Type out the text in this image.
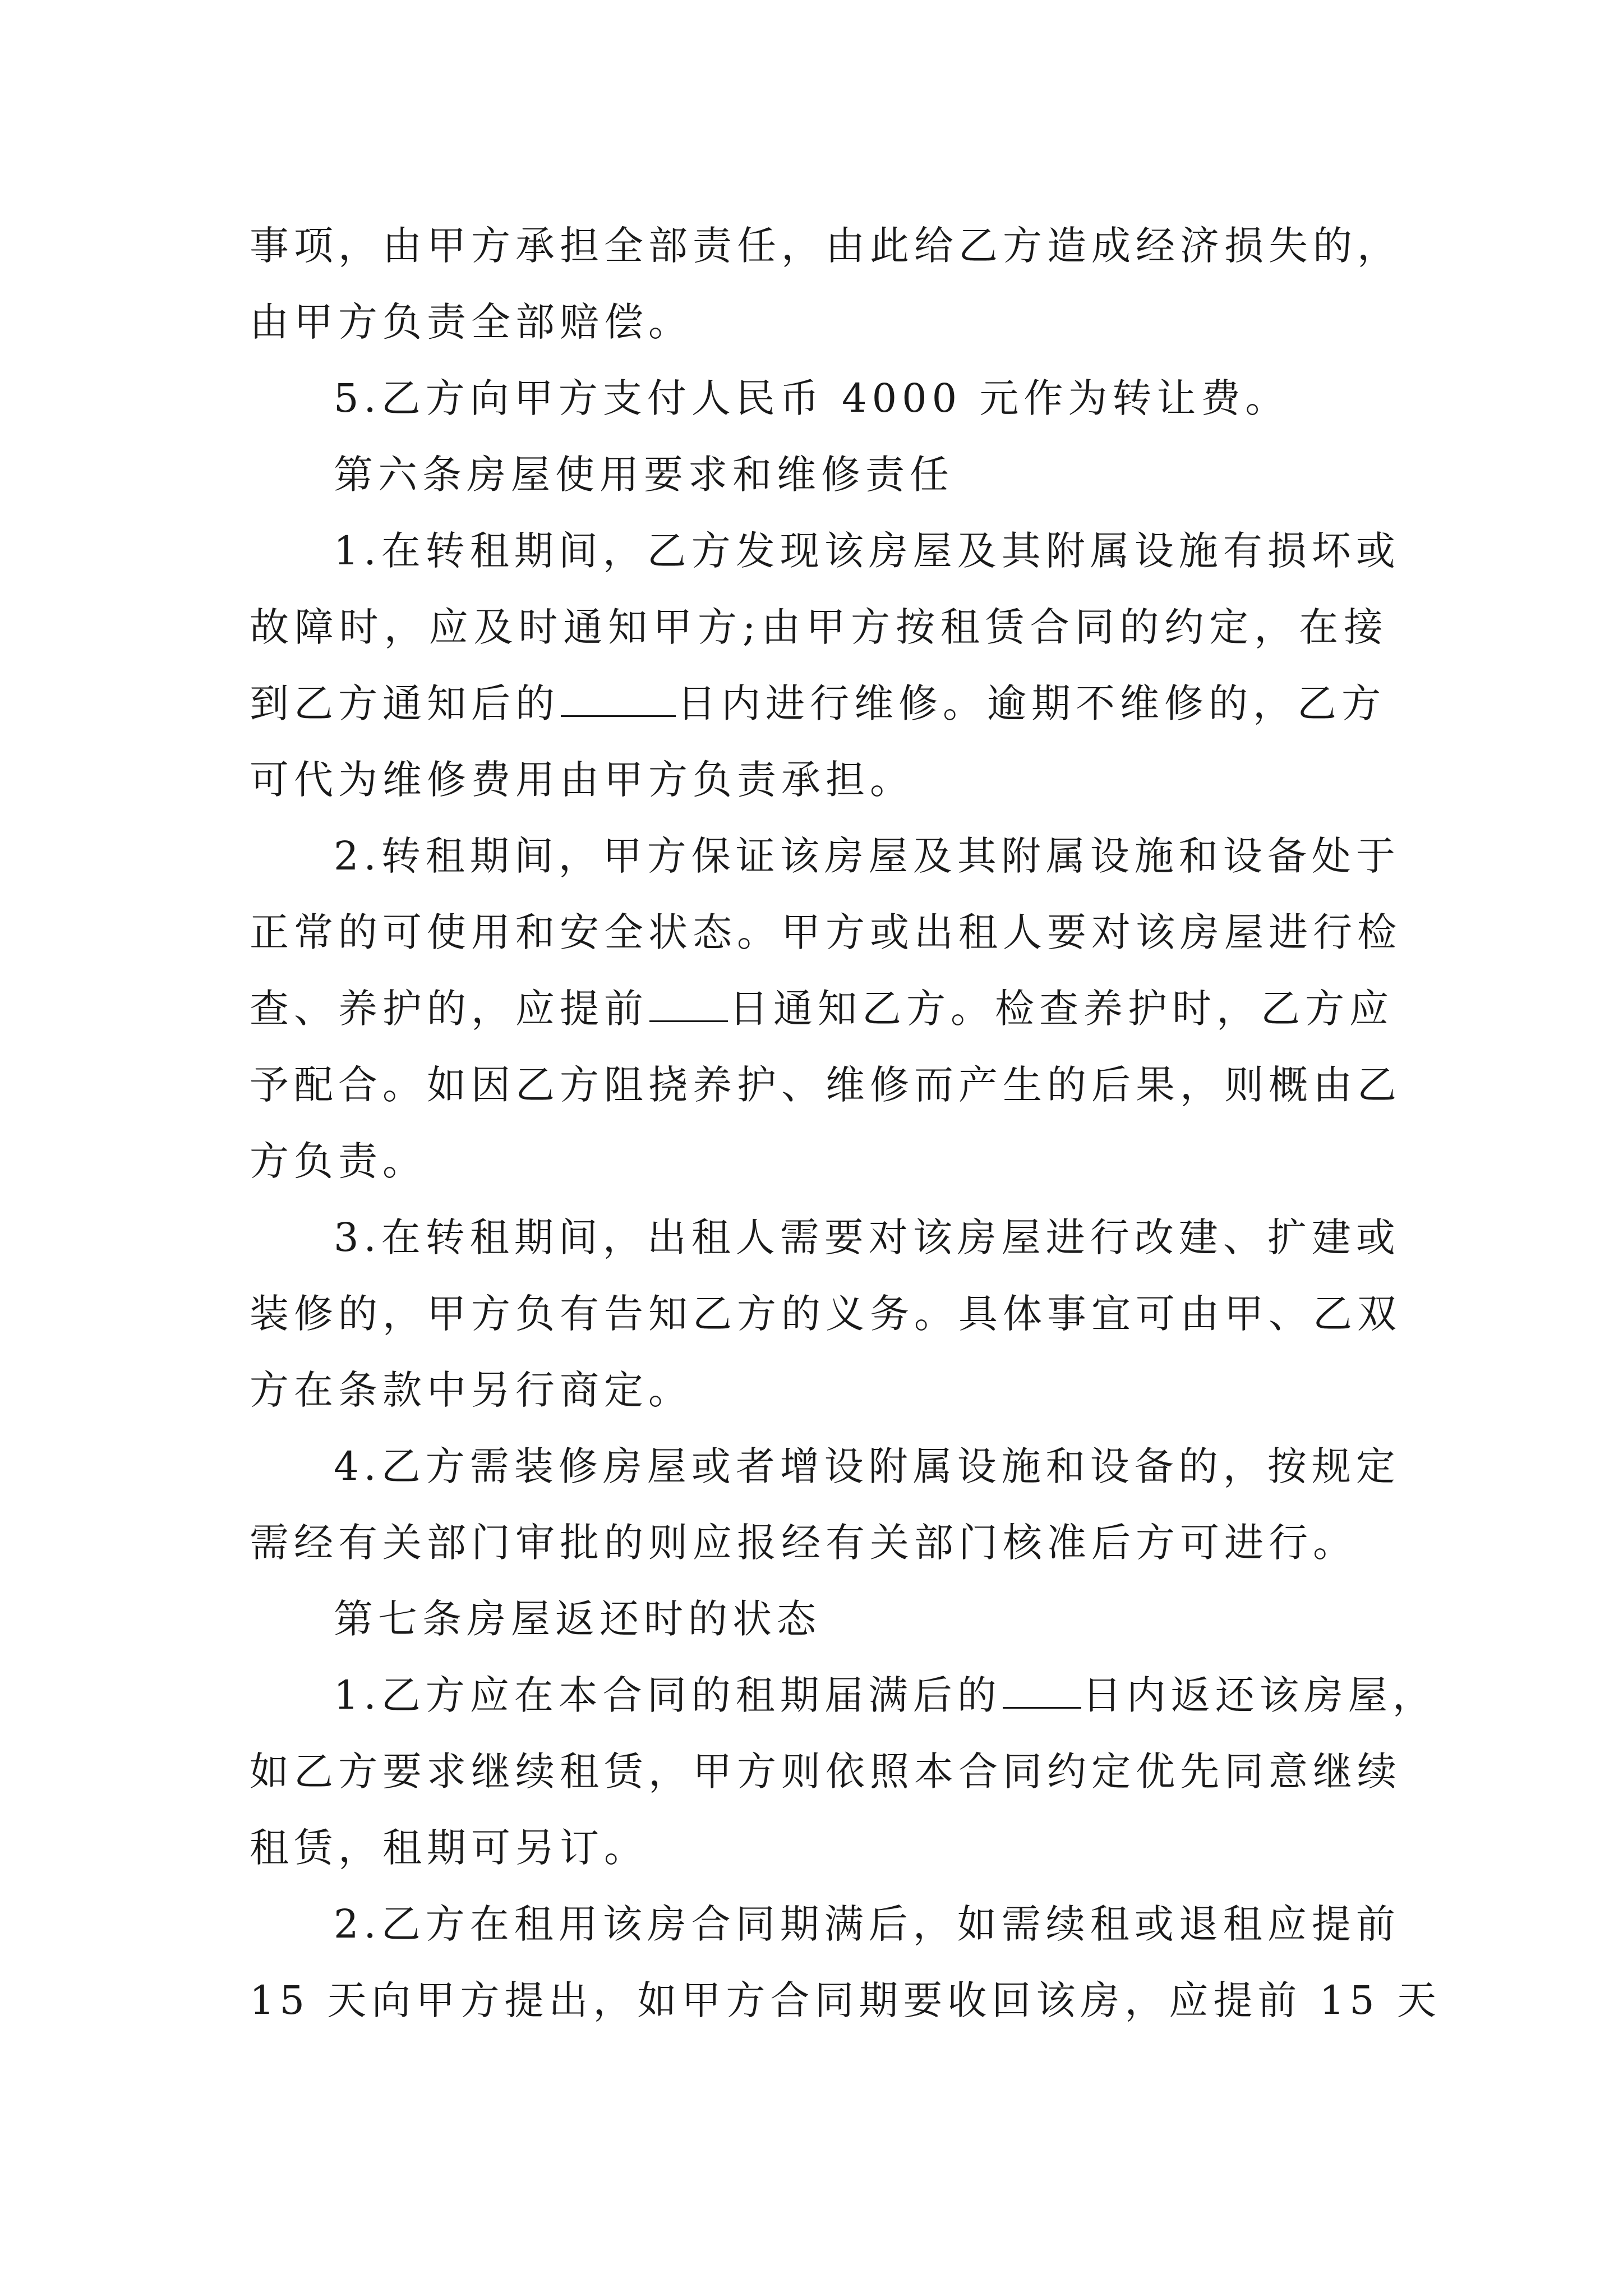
事项，由甲方承担全部责任，由此给乙方造成经济损失的，
由甲方负责全部赔偿。
5.乙方向甲方支付人民币 4000 元作为转让费。
第六条房屋使用要求和维修责任
1.在转租期间，乙方发现该房屋及其附属设施有损坏或
故障时，应及时通知甲方;由甲方按租赁合同的约定，在接
到乙方通知后的	日内进行维修。逾期不维修的，乙方
可代为维修费用由甲方负责承担。
2.转租期间，甲方保证该房屋及其附属设施和设备处于
正常的可使用和安全状态。甲方或出租人要对该房屋进行检
查、养护的，应提前 日通知乙方。检查养护时，乙方应
予配合。如因乙方阻挠养护、维修而产生的后果，则概由乙
方负责。
3.在转租期间，出租人需要对该房屋进行改建、扩建或
装修的，甲方负有告知乙方的义务。具体事宜可由甲、乙双
方在条款中另行商定。
4.乙方需装修房屋或者增设附属设施和设备的，按规定
需经有关部门审批的则应报经有关部门核准后方可进行。
第七条房屋返还时的状态
1.乙方应在本合同的租期届满后的 日内返还该房屋，
如乙方要求继续租赁，甲方则依照本合同约定优先同意继续
租赁，租期可另订。
2.乙方在租用该房合同期满后，如需续租或退租应提前
15 天向甲方提出，如甲方合同期要收回该房，应提前 15 天
